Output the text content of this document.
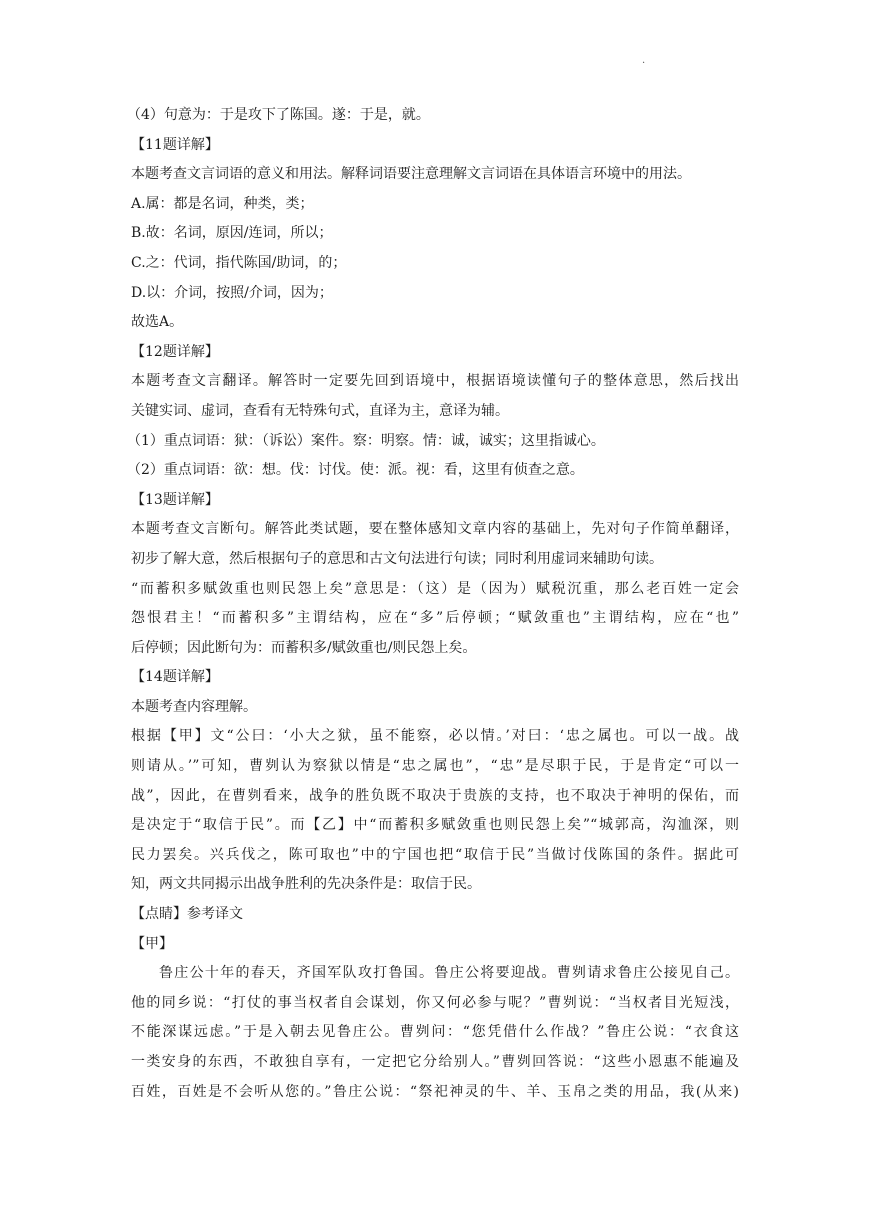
.
（4）句意为：于是攻下了陈国。遂：于是，就。
【11题详解】
本题考查文言词语的意义和用法。解释词语要注意理解文言词语在具体语言环境中的用法。
A.属：都是名词，种类，类；
B.故：名词，原因/连词，所以；
C.之：代词，指代陈国/助词，的；
D.以：介词，按照/介词，因为；
故选A。
【12题详解】
本题考查文言翻译。解答时一定要先回到语境中，根据语境读懂句子的整体意思，然后找出
关键实词、虚词，查看有无特殊句式，直译为主，意译为辅。
（1）重点词语：狱：（诉讼）案件。察：明察。情：诚，诚实；这里指诚心。
（2）重点词语：欲：想。伐：讨伐。使：派。视：看，这里有侦查之意。
【13题详解】
本题考查文言断句。解答此类试题，要在整体感知文章内容的基础上，先对句子作简单翻译，
初步了解大意，然后根据句子的意思和古文句法进行句读；同时利用虚词来辅助句读。
“而蓄积多赋敛重也则民怨上矣”意思是：（这）是（因为）赋税沉重，那么老百姓一定会
怨恨君主！“而蓄积多”主谓结构，应在“多”后停顿；“赋敛重也”主谓结构，应在“也”
后停顿；因此断句为：而蓄积多/赋敛重也/则民怨上矣。
【14题详解】
本题考查内容理解。
根据【甲】文“公曰：‘小大之狱，虽不能察，必以情。’对曰：‘忠之属也。可以一战。战
则请从。’”可知，曹刿认为察狱以情是“忠之属也”，“忠”是尽职于民，于是肯定“可以一
战”，因此，在曹刿看来，战争的胜负既不取决于贵族的支持，也不取决于神明的保佑，而
是决定于“取信于民”。而【乙】中“而蓄积多赋敛重也则民怨上矣”“城郭高，沟洫深，则
民力罢矣。兴兵伐之，陈可取也”中的宁国也把“取信于民”当做讨伐陈国的条件。据此可
知，两文共同揭示出战争胜利的先决条件是：取信于民。
【点睛】参考译文
【甲】
鲁庄公十年的春天，齐国军队攻打鲁国。鲁庄公将要迎战。曹刿请求鲁庄公接见自己。
他的同乡说：“打仗的事当权者自会谋划，你又何必参与呢？”曹刿说：“当权者目光短浅，
不能深谋远虑。”于是入朝去见鲁庄公。曹刿问：“您凭借什么作战？”鲁庄公说：“衣食这
一类安身的东西，不敢独自享有，一定把它分给别人。”曹刿回答说：“这些小恩惠不能遍及
百姓，百姓是不会听从您的。”鲁庄公说：“祭祀神灵的牛、羊、玉帛之类的用品，我(从来)
